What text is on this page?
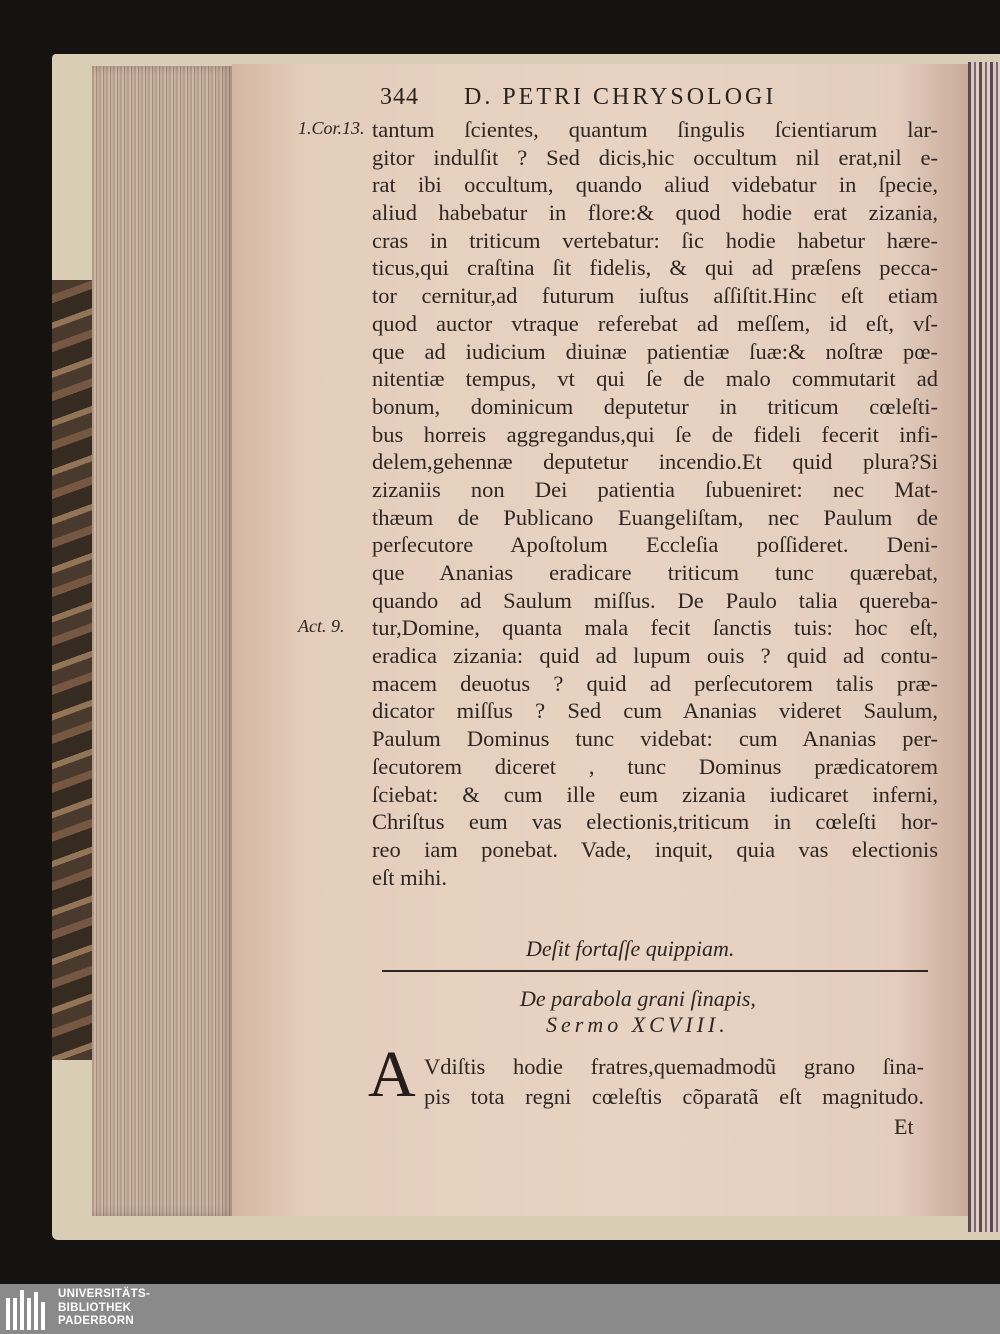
344 D. PETRI CHRYSOLOGI
1.Cor.13.
Act. 9.
tantum ſcientes, quantum ſingulis ſcientiarum lar-
gitor indulſit ? Sed dicis,hic occultum nil erat,nil e-
rat ibi occultum, quando aliud videbatur in ſpecie,
aliud habebatur in flore:& quod hodie erat zizania,
cras in triticum vertebatur: ſic hodie habetur hære-
ticus,qui craſtina ſit fidelis, & qui ad præſens pecca-
tor cernitur,ad futurum iuſtus aſſiſtit.Hinc eſt etiam
quod auctor vtraque referebat ad meſſem, id eſt, vſ-
que ad iudicium diuinæ patientiæ ſuæ:& noſtræ pœ-
nitentiæ tempus, vt qui ſe de malo commutarit ad
bonum, dominicum deputetur in triticum cœleſti-
bus horreis aggregandus,qui ſe de fideli fecerit infi-
delem,gehennæ deputetur incendio.Et quid plura?Si
zizaniis non Dei patientia ſubueniret: nec Mat-
thæum de Publicano Euangeliſtam, nec Paulum de
perſecutore Apoſtolum Eccleſia poſſideret. Deni-
que Ananias eradicare triticum tunc quærebat,
quando ad Saulum miſſus. De Paulo talia quereba-
tur,Domine, quanta mala fecit ſanctis tuis: hoc eſt,
eradica zizania: quid ad lupum ouis ? quid ad contu-
macem deuotus ? quid ad perſecutorem talis præ-
dicator miſſus ? Sed cum Ananias videret Saulum,
Paulum Dominus tunc videbat: cum Ananias per-
ſecutorem diceret , tunc Dominus prædicatorem
ſciebat: & cum ille eum zizania iudicaret inferni,
Chriſtus eum vas electionis,triticum in cœleſti hor-
reo iam ponebat. Vade, inquit, quia vas electionis
eſt mihi.
Deſit fortaſſe quippiam.
De parabola grani ſinapis,
Sermo XCVIII.
A Vdiſtis hodie fratres,quemadmodũ grano ſina-
pis tota regni cœleſtis cõparatã eſt magnitudo.
Et
UNIVERSITÄTS-
BIBLIOTHEK
PADERBORN
